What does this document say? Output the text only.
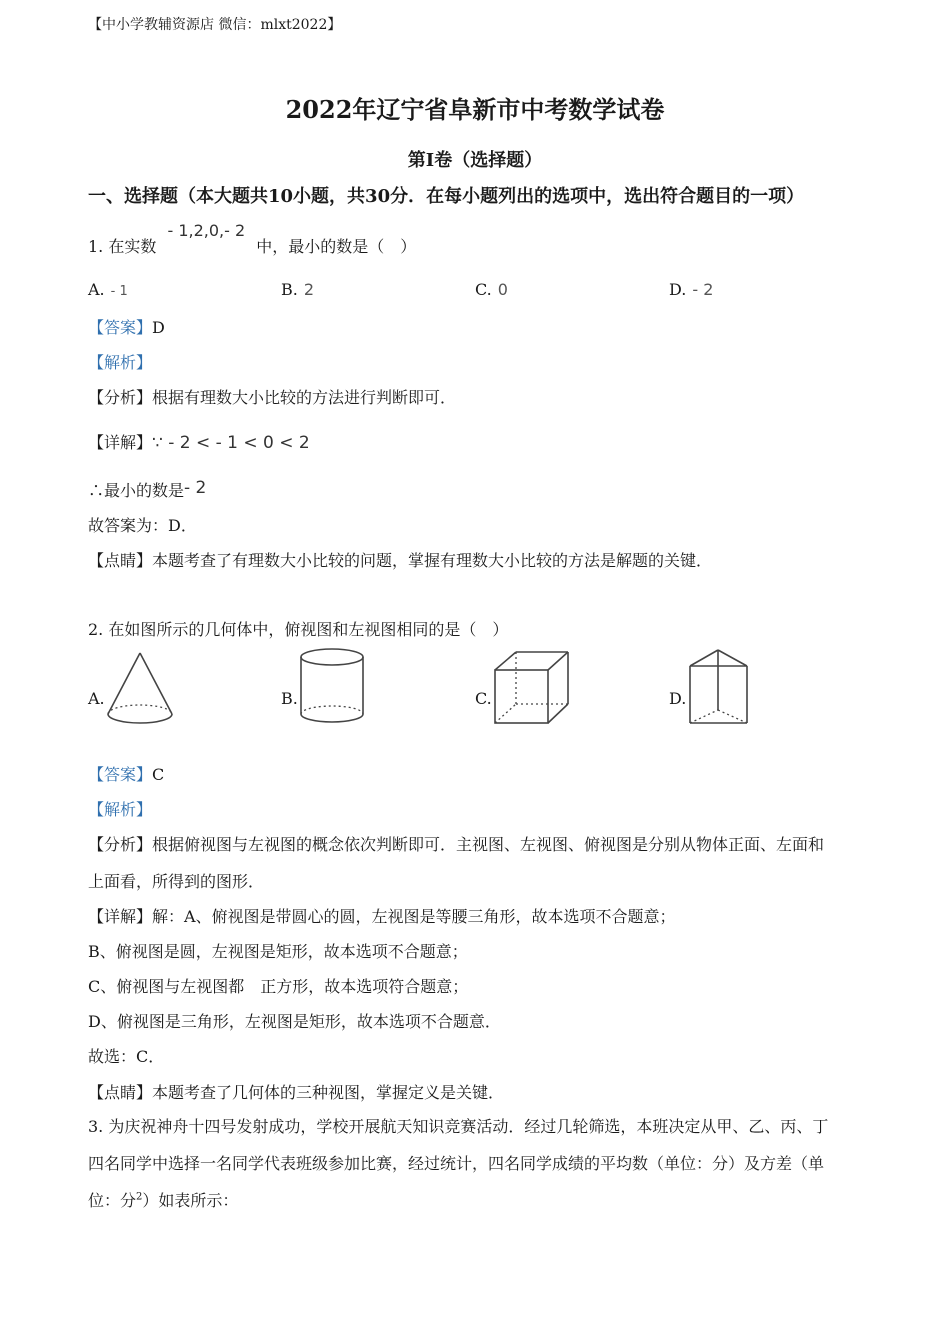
【中小学教辅资源店 微信：mlxt2022】
2022年辽宁省阜新市中考数学试卷
第Ⅰ卷（选择题）
一、选择题（本大题共10小题，共30分．在每小题列出的选项中，选出符合题目的一项）
1. 在实数 - 1,2,0,- 2 中，最小的数是（　）
A. - 1	B. 2	C. 0	D. - 2
【答案】D
【解析】
【分析】根据有理数大小比较的方法进行判断即可．
【详解】∵ - 2 < - 1 < 0 < 2
∴最小的数是- 2
故答案为：D．
【点睛】本题考查了有理数大小比较的问题，掌握有理数大小比较的方法是解题的关键．
2. 在如图所示的几何体中，俯视图和左视图相同的是（　）
A.	B.	C.	D.
【答案】C
【解析】
【分析】根据俯视图与左视图的概念依次判断即可．主视图、左视图、俯视图是分别从物体正面、左面和
上面看，所得到的图形．
【详解】解：A、俯视图是带圆心的圆，左视图是等腰三角形，故本选项不合题意；
B、俯视图是圆，左视图是矩形，故本选项不合题意；
C、俯视图与左视图都　正方形，故本选项符合题意；
D、俯视图是三角形，左视图是矩形，故本选项不合题意．
故选：C．
【点睛】本题考查了几何体的三种视图，掌握定义是关键．
3. 为庆祝神舟十四号发射成功，学校开展航天知识竞赛活动．经过几轮筛选，本班决定从甲、乙、丙、丁
四名同学中选择一名同学代表班级参加比赛，经过统计，四名同学成绩的平均数（单位：分）及方差（单
位：分$^2$）如表所示：
